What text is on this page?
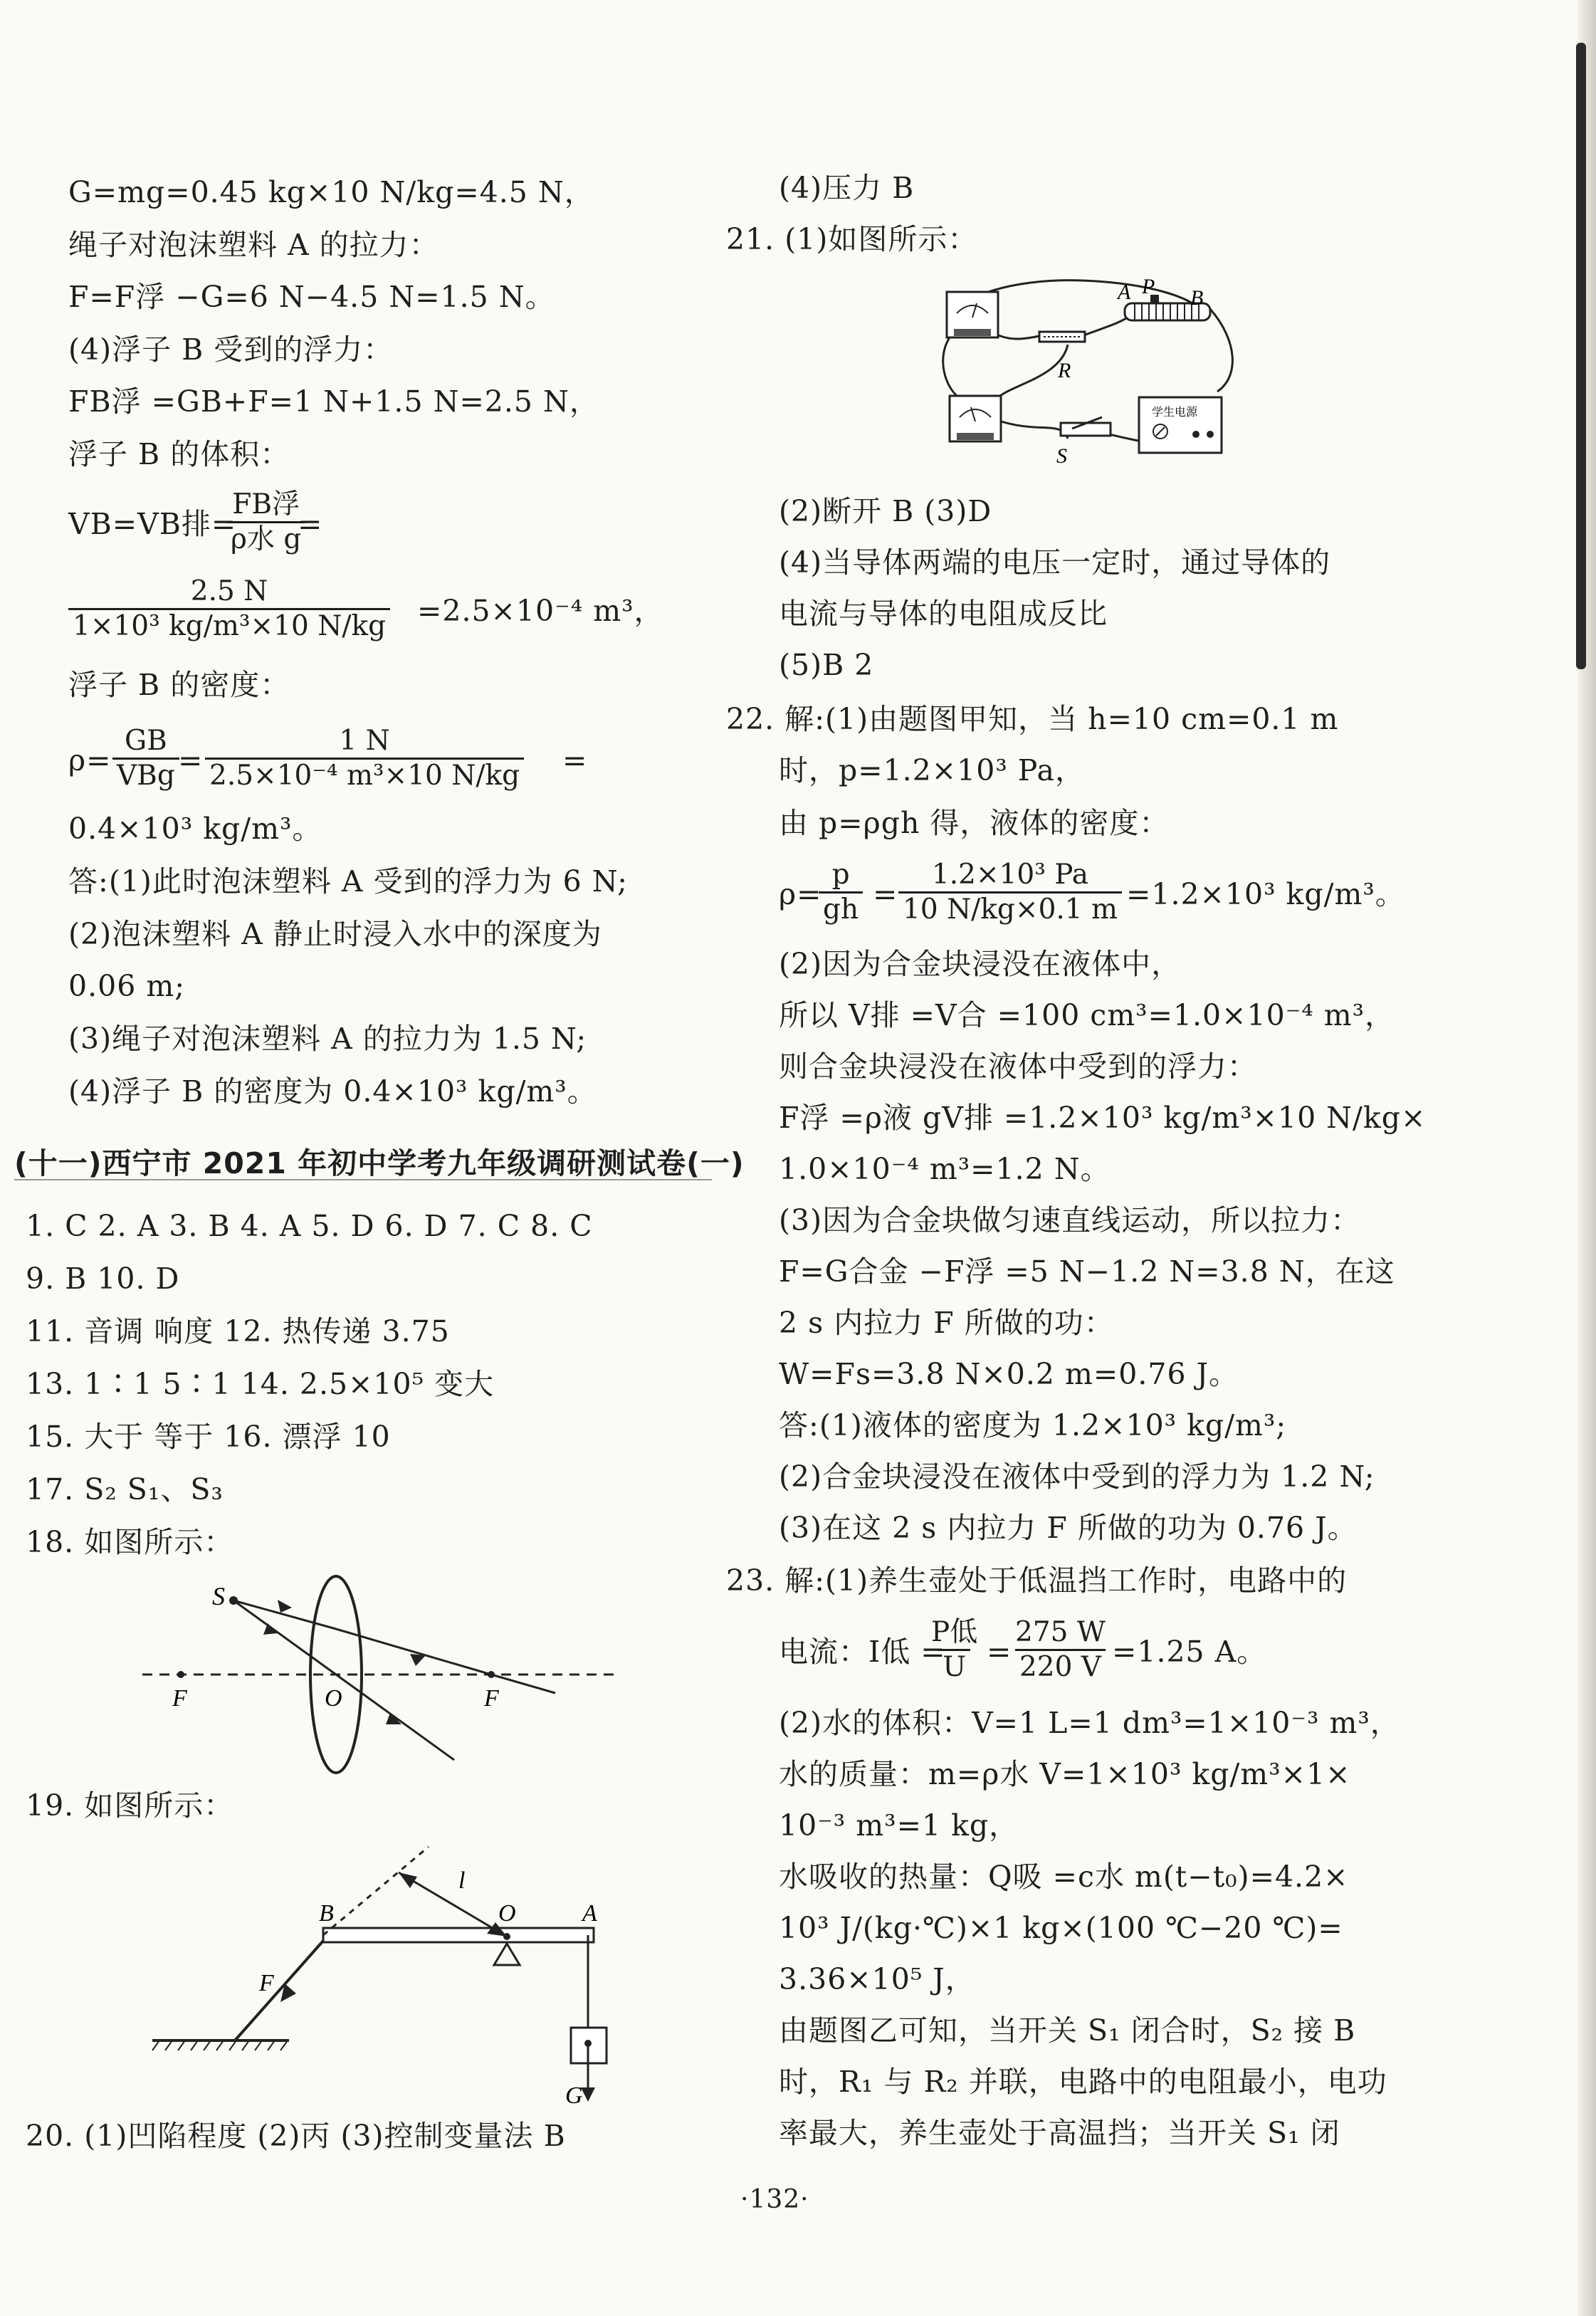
G=mg=0.45 kg×10 N/kg=4.5 N，
绳子对泡沫塑料 A 的拉力：
F=F浮 −G=6 N−4.5 N=1.5 N。
(4)浮子 B 受到的浮力：
FB浮 =GB+F=1 N+1.5 N=2.5 N，
浮子 B 的体积：
VB=VB排=
FB浮
ρ水 g
=
$\frac{2.5 N}{\text{1×10³ kg/m³×10 N/kg}} =2.5\times 10^{-4}$ m³，
浮子 B 的密度：
ρ=
GB
VBg = $\frac{1 N}{\text{2.5×10⁻⁴ m³×10 N/kg}}$ =
0.4×10³ kg/m³。
答:(1)此时泡沫塑料 A 受到的浮力为 6 N;
(2)泡沫塑料 A 静止时浸入水中的深度为
0.06 m;
(3)绳子对泡沫塑料 A 的拉力为 1.5 N;
(4)浮子 B 的密度为 0.4×10³ kg/m³。
(十一)西宁市 2021 年初中学考九年级调研测试卷(一)
1. C 2. A 3. B 4. A 5. D 6. D 7. C 8. C
9. B 10. D
11. 音调 响度 12. 热传递 3.75
13. 1∶1 5∶1 14. 2.5×10⁵ 变大
15. 大于 等于 16. 漂浮 10
17. S₂ S₁、S₃
18. 如图所示：
S
F	O	F
19. 如图所示：
B	O	A
l
F
G
20. (1)凹陷程度 (2)丙 (3)控制变量法 B
(4)压力 B
21. (1)如图所示：
学生电源
A P B
R
S
(2)断开 B (3)D
(4)当导体两端的电压一定时，通过导体的
电流与导体的电阻成反比
(5)B 2
22. 解:(1)由题图甲知，当 h=10 cm=0.1 m
时，p=1.2×10³ Pa，
由 p=ρgh 得，液体的密度：
ρ=
$\frac{p}{gh} = \frac{\text{1.2×10³ Pa}}{10 N/kg\times 0.1 m} =1.2\times 10^3$ kg/m³。
(2)因为合金块浸没在液体中，
所以 V排 =V合 =100 cm³=1.0×10⁻⁴ m³，
则合金块浸没在液体中受到的浮力：
F浮 =ρ液 gV排 =1.2×10³ kg/m³×10 N/kg×
1.0×10⁻⁴ m³=1.2 N。
(3)因为合金块做匀速直线运动，所以拉力：
F=G合金 −F浮 =5 N−1.2 N=3.8 N，在这
2 s 内拉力 F 所做的功：
W=Fs=3.8 N×0.2 m=0.76 J。
答:(1)液体的密度为 1.2×10³ kg/m³;
(2)合金块浸没在液体中受到的浮力为 1.2 N;
(3)在这 2 s 内拉力 F 所做的功为 0.76 J。
23. 解:(1)养生壶处于低温挡工作时，电路中的
电流：I低 =
P低
U =
$\frac{275 W}{220 V} =1.25$ A。
(2)水的体积：V=1 L=1 dm³=1×10⁻³ m³，
水的质量：m=ρ水 V=1×10³ kg/m³×1×
10⁻³ m³=1 kg，
水吸收的热量：Q吸 =c水 m(t−t₀)=4.2×
10³ J/(kg·℃)×1 kg×(100 ℃−20 ℃)=
3.36×10⁵ J，
由题图乙可知，当开关 S₁ 闭合时，S₂ 接 B
时，R₁ 与 R₂ 并联，电路中的电阻最小，电功
率最大，养生壶处于高温挡；当开关 S₁ 闭
·132·
